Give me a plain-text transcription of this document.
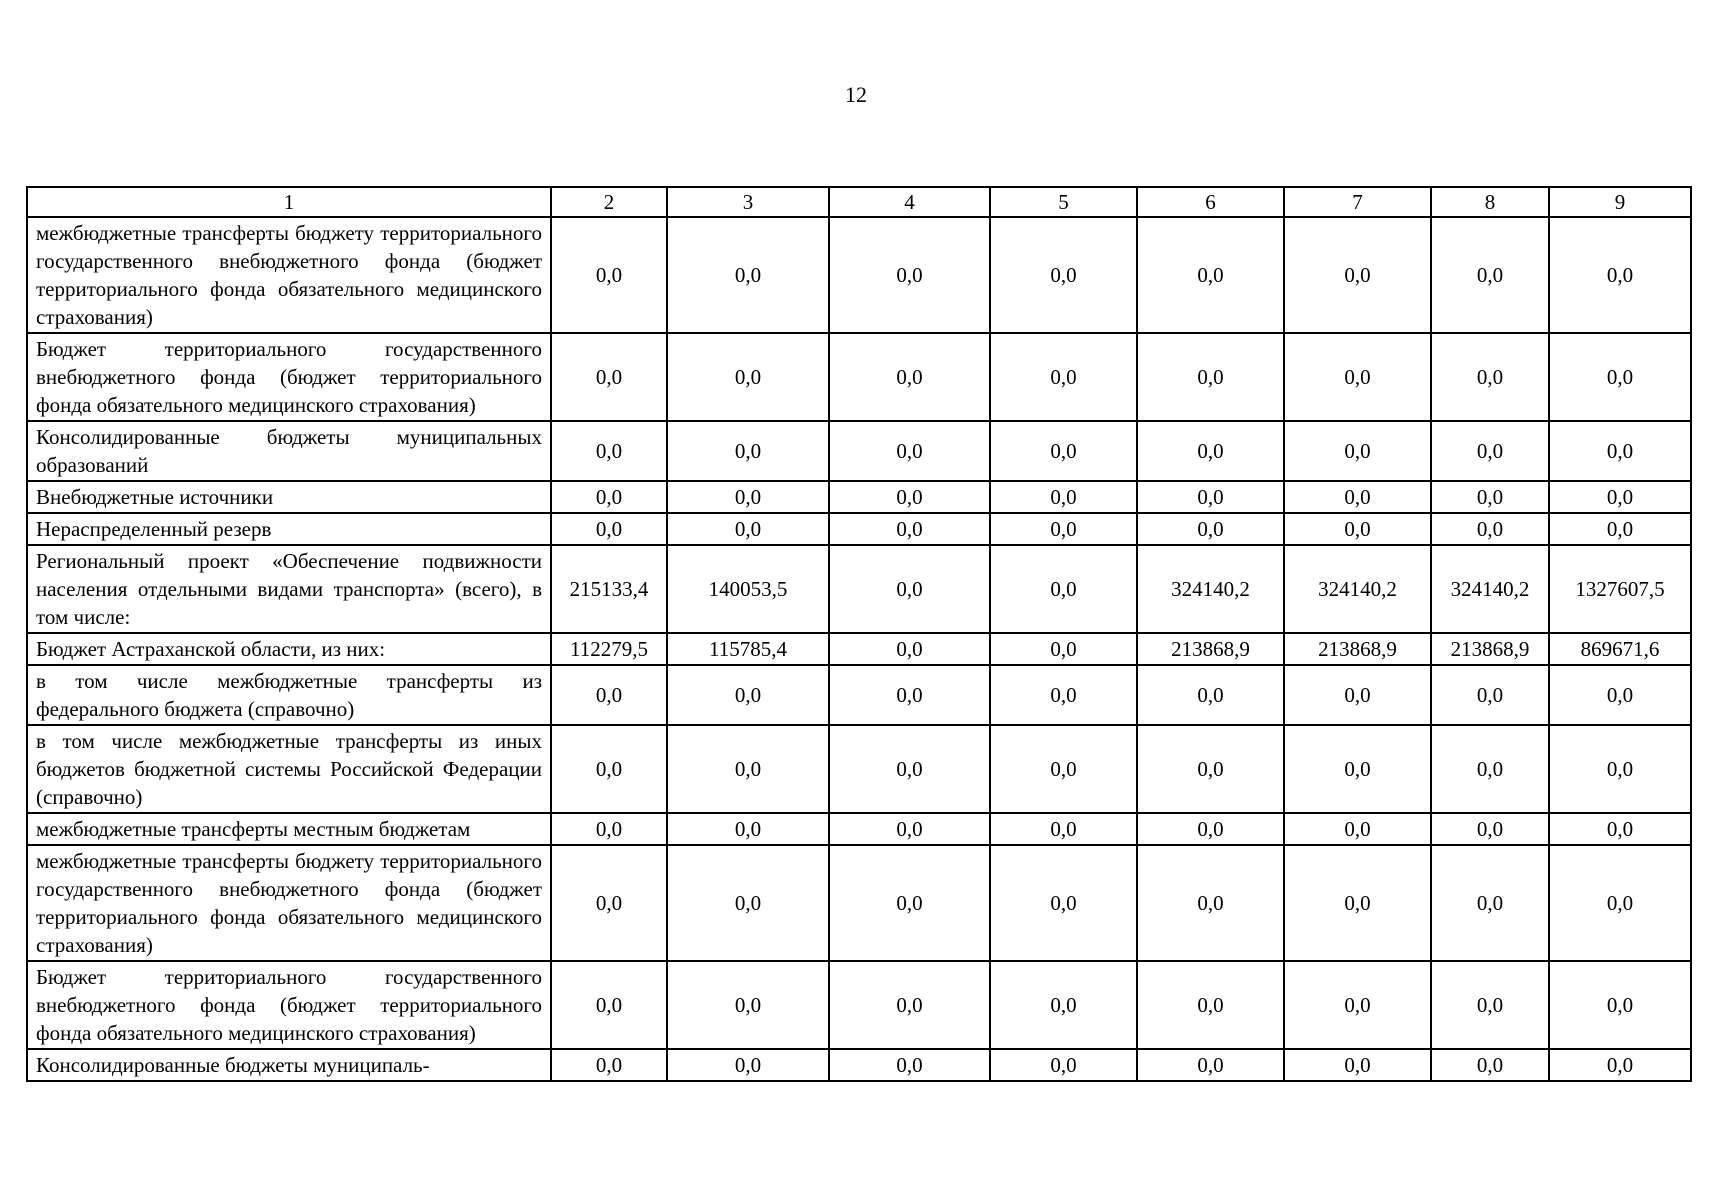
12
1	2	3	4	5	6	7	8	9
межбюджетные трансферты бюджету территориального государственного внебюджетного фонда (бюджет территориального фонда обязательного медицинского страхования)	0,0	0,0	0,0	0,0	0,0	0,0	0,0	0,0
Бюджет территориального государственного внебюджетного фонда (бюджет территориального фонда обязательного медицинского страхования)	0,0	0,0	0,0	0,0	0,0	0,0	0,0	0,0
Консолидированные бюджеты муниципальных образований	0,0	0,0	0,0	0,0	0,0	0,0	0,0	0,0
Внебюджетные источники	0,0	0,0	0,0	0,0	0,0	0,0	0,0	0,0
Нераспределенный резерв	0,0	0,0	0,0	0,0	0,0	0,0	0,0	0,0
Региональный проект «Обеспечение подвижности населения отдельными видами транспорта» (всего), в том числе:	215133,4	140053,5	0,0	0,0	324140,2	324140,2	324140,2	1327607,5
Бюджет Астраханской области, из них:	112279,5	115785,4	0,0	0,0	213868,9	213868,9	213868,9	869671,6
в том числе межбюджетные трансферты из федерального бюджета (справочно)	0,0	0,0	0,0	0,0	0,0	0,0	0,0	0,0
в том числе межбюджетные трансферты из иных бюджетов бюджетной системы Российской Федерации (справочно)	0,0	0,0	0,0	0,0	0,0	0,0	0,0	0,0
межбюджетные трансферты местным бюджетам	0,0	0,0	0,0	0,0	0,0	0,0	0,0	0,0
межбюджетные трансферты бюджету территориального государственного внебюджетного фонда (бюджет территориального фонда обязательного медицинского страхования)	0,0	0,0	0,0	0,0	0,0	0,0	0,0	0,0
Бюджет территориального государственного внебюджетного фонда (бюджет территориального фонда обязательного медицинского страхования)	0,0	0,0	0,0	0,0	0,0	0,0	0,0	0,0
Консолидированные бюджеты муниципаль-	0,0	0,0	0,0	0,0	0,0	0,0	0,0	0,0
